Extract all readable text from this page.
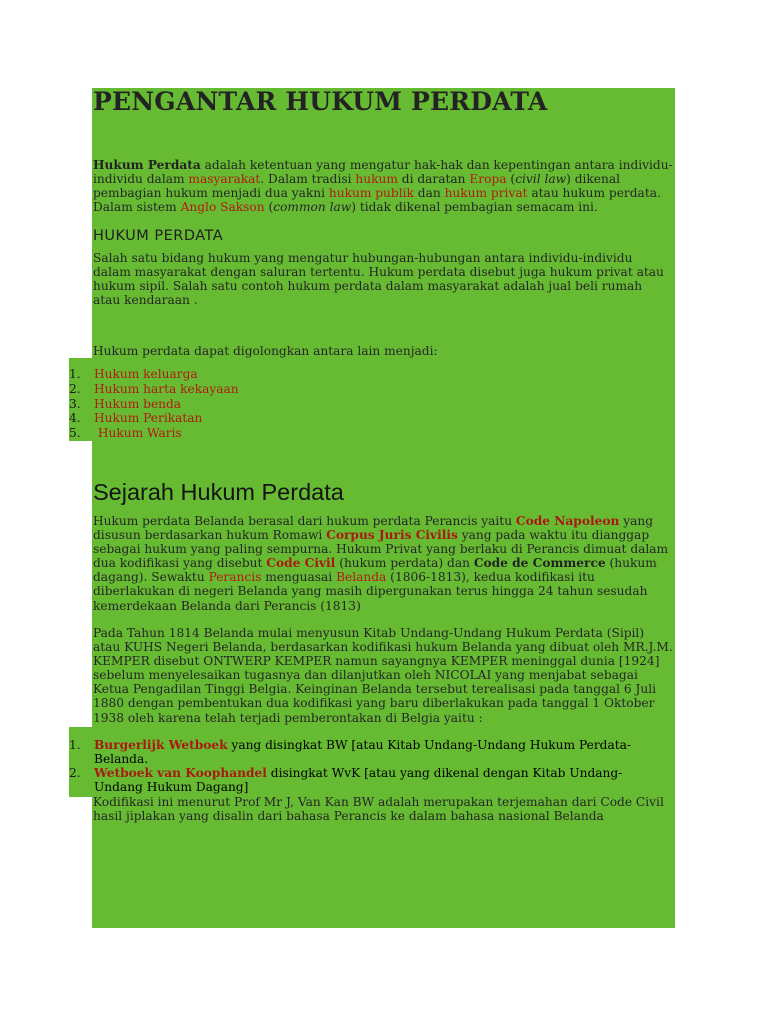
PENGANTAR HUKUM PERDATA
Hukum Perdata adalah ketentuan yang mengatur hak-hak dan kepentingan antara individu-individu dalam masyarakat. Dalam tradisi hukum di daratan Eropa (civil law) dikenal pembagian hukum menjadi dua yakni hukum publik dan hukum privat atau hukum perdata. Dalam sistem Anglo Sakson (common law) tidak dikenal pembagian semacam ini.
HUKUM PERDATA
Salah satu bidang hukum yang mengatur hubungan-hubungan antara individu-individu dalam masyarakat dengan saluran tertentu. Hukum perdata disebut juga hukum privat atau hukum sipil. Salah satu contoh hukum perdata dalam masyarakat adalah jual beli rumah atau kendaraan .
Hukum perdata dapat digolongkan antara lain menjadi:
1. Hukum keluarga
2. Hukum harta kekayaan
3. Hukum benda
4. Hukum Perikatan
5. Hukum Waris
Sejarah Hukum Perdata
Hukum perdata Belanda berasal dari hukum perdata Perancis yaitu Code Napoleon yang disusun berdasarkan hukum Romawi Corpus Juris Civilis yang pada waktu itu dianggap sebagai hukum yang paling sempurna. Hukum Privat yang berlaku di Perancis dimuat dalam dua kodifikasi yang disebut Code Civil (hukum perdata) dan Code de Commerce (hukum dagang). Sewaktu Perancis menguasai Belanda (1806-1813), kedua kodifikasi itu diberlakukan di negeri Belanda yang masih dipergunakan terus hingga 24 tahun sesudah kemerdekaan Belanda dari Perancis (1813)
Pada Tahun 1814 Belanda mulai menyusun Kitab Undang-Undang Hukum Perdata (Sipil) atau KUHS Negeri Belanda, berdasarkan kodifikasi hukum Belanda yang dibuat oleh MR.J.M. KEMPER disebut ONTWERP KEMPER namun sayangnya KEMPER meninggal dunia [1924] sebelum menyelesaikan tugasnya dan dilanjutkan oleh NICOLAI yang menjabat sebagai Ketua Pengadilan Tinggi Belgia. Keinginan Belanda tersebut terealisasi pada tanggal 6 Juli 1880 dengan pembentukan dua kodifikasi yang baru diberlakukan pada tanggal 1 Oktober 1938 oleh karena telah terjadi pemberontakan di Belgia yaitu :
1. Burgerlijk Wetboek yang disingkat BW [atau Kitab Undang-Undang Hukum Perdata-Belanda.
2. Wetboek van Koophandel disingkat WvK [atau yang dikenal dengan Kitab Undang-Undang Hukum Dagang]
Kodifikasi ini menurut Prof Mr J, Van Kan BW adalah merupakan terjemahan dari Code Civil hasil jiplakan yang disalin dari bahasa Perancis ke dalam bahasa nasional Belanda
